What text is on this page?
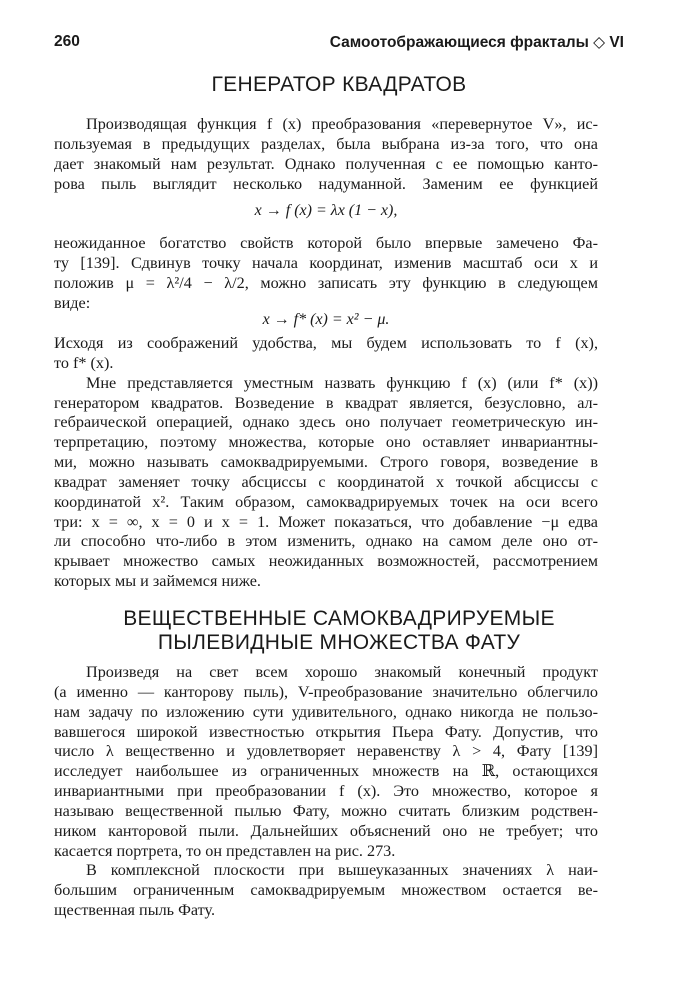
260	Самоотображающиеся фракталы ◇ VI
ГЕНЕРАТОР КВАДРАТОВ
Производящая функция f (x) преобразования «перевернутое V», ис-
пользуемая в предыдущих разделах, была выбрана из-за того, что она
дает знакомый нам результат. Однако полученная с ее помощью канто-
рова пыль выглядит несколько надуманной. Заменим ее функцией
x → f (x) = λx (1 − x),
неожиданное богатство свойств которой было впервые замечено Фа-
ту [139]. Сдвинув точку начала координат, изменив масштаб оси x и
положив μ = λ²/4 − λ/2, можно записать эту функцию в следующем
виде:
x → f* (x) = x² − μ.
Исходя из соображений удобства, мы будем использовать то f (x),
то f* (x).
Мне представляется уместным назвать функцию f (x) (или f* (x))
генератором квадратов. Возведение в квадрат является, безусловно, ал-
гебраической операцией, однако здесь оно получает геометрическую ин-
терпретацию, поэтому множества, которые оно оставляет инвариантны-
ми, можно называть самоквадрируемыми. Строго говоря, возведение в
квадрат заменяет точку абсциссы с координатой x точкой абсциссы с
координатой x². Таким образом, самоквадрируемых точек на оси всего
три: x = ∞, x = 0 и x = 1. Может показаться, что добавление −μ едва
ли способно что-либо в этом изменить, однако на самом деле оно от-
крывает множество самых неожиданных возможностей, рассмотрением
которых мы и займемся ниже.
ВЕЩЕСТВЕННЫЕ САМОКВАДРИРУЕМЫЕ
ПЫЛЕВИДНЫЕ МНОЖЕСТВА ФАТУ
Произведя на свет всем хорошо знакомый конечный продукт
(а именно — канторову пыль), V-преобразование значительно облегчило
нам задачу по изложению сути удивительного, однако никогда не пользо-
вавшегося широкой известностью открытия Пьера Фату. Допустив, что
число λ вещественно и удовлетворяет неравенству λ > 4, Фату [139]
исследует наибольшее из ограниченных множеств на ℝ, остающихся
инвариантными при преобразовании f (x). Это множество, которое я
называю вещественной пылью Фату, можно считать близким родствен-
ником канторовой пыли. Дальнейших объяснений оно не требует; что
касается портрета, то он представлен на рис. 273.
В комплексной плоскости при вышеуказанных значениях λ наи-
большим ограниченным самоквадрируемым множеством остается ве-
щественная пыль Фату.
